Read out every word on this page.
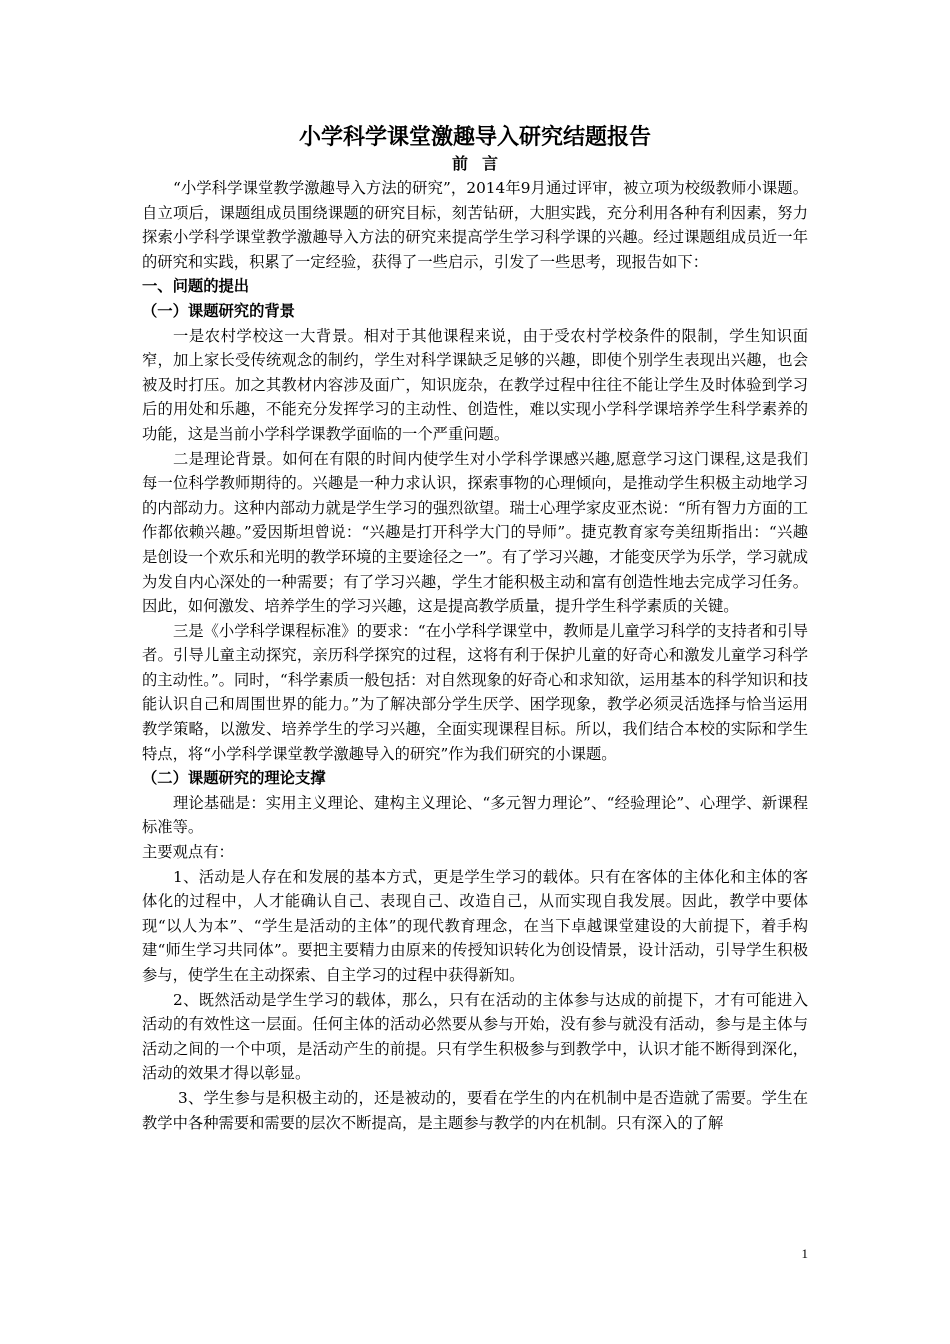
小学科学课堂激趣导入研究结题报告
前言

“小学科学课堂教学激趣导入方法的研究”，2014年9月通过评审，被立项为校级教师小课题。自立项后，课题组成员围绕课题的研究目标，刻苦钻研，大胆实践，充分利用各种有利因素，努力探索小学科学课堂教学激趣导入方法的研究来提高学生学习科学课的兴趣。经过课题组成员近一年的研究和实践，积累了一定经验，获得了一些启示，引发了一些思考，现报告如下：

一、问题的提出
（一）课题研究的背景

一是农村学校这一大背景。相对于其他课程来说，由于受农村学校条件的限制，学生知识面窄，加上家长受传统观念的制约，学生对科学课缺乏足够的兴趣，即使个别学生表现出兴趣，也会被及时打压。加之其教材内容涉及面广，知识庞杂，在教学过程中往往不能让学生及时体验到学习后的用处和乐趣，不能充分发挥学习的主动性、创造性，难以实现小学科学课培养学生科学素养的功能，这是当前小学科学课教学面临的一个严重问题。

二是理论背景。如何在有限的时间内使学生对小学科学课感兴趣,愿意学习这门课程,这是我们每一位科学教师期待的。兴趣是一种力求认识，探索事物的心理倾向，是推动学生积极主动地学习的内部动力。这种内部动力就是学生学习的强烈欲望。瑞士心理学家皮亚杰说：“所有智力方面的工作都依赖兴趣。”爱因斯坦曾说：“兴趣是打开科学大门的导师”。捷克教育家夸美纽斯指出：“兴趣是创设一个欢乐和光明的教学环境的主要途径之一”。有了学习兴趣，才能变厌学为乐学，学习就成为发自内心深处的一种需要；有了学习兴趣，学生才能积极主动和富有创造性地去完成学习任务。因此，如何激发、培养学生的学习兴趣，这是提高教学质量，提升学生科学素质的关键。

三是《小学科学课程标准》的要求：“在小学科学课堂中，教师是儿童学习科学的支持者和引导者。引导儿童主动探究，亲历科学探究的过程，这将有利于保护儿童的好奇心和激发儿童学习科学的主动性。”。同时，“科学素质一般包括：对自然现象的好奇心和求知欲，运用基本的科学知识和技能认识自己和周围世界的能力。”为了解决部分学生厌学、困学现象，教学必须灵活选择与恰当运用教学策略，以激发、培养学生的学习兴趣，全面实现课程目标。所以，我们结合本校的实际和学生特点，将“小学科学课堂教学激趣导入的研究”作为我们研究的小课题。

（二）课题研究的理论支撑

理论基础是：实用主义理论、建构主义理论、“多元智力理论”、“经验理论”、心理学、新课程标准等。

主要观点有：

1、活动是人存在和发展的基本方式，更是学生学习的载体。只有在客体的主体化和主体的客体化的过程中，人才能确认自己、表现自己、改造自己，从而实现自我发展。因此，教学中要体现“以人为本”、“学生是活动的主体”的现代教育理念，在当下卓越课堂建设的大前提下，着手构建“师生学习共同体”。要把主要精力由原来的传授知识转化为创设情景，设计活动，引导学生积极参与，使学生在主动探索、自主学习的过程中获得新知。

2、既然活动是学生学习的载体，那么，只有在活动的主体参与达成的前提下，才有可能进入活动的有效性这一层面。任何主体的活动必然要从参与开始，没有参与就没有活动，参与是主体与活动之间的一个中项，是活动产生的前提。只有学生积极参与到教学中，认识才能不断得到深化，活动的效果才得以彰显。

3、学生参与是积极主动的，还是被动的，要看在学生的内在机制中是否造就了需要。学生在教学中各种需要和需要的层次不断提高，是主题参与教学的内在机制。只有深入的了解

1
